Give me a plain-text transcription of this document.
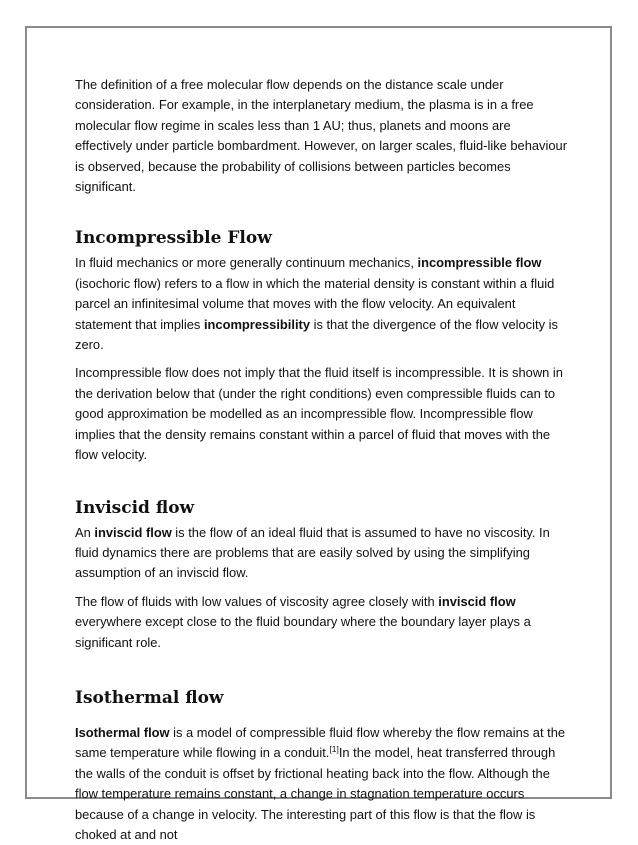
The definition of a free molecular flow depends on the distance scale under consideration. For example, in the interplanetary medium, the plasma is in a free molecular flow regime in scales less than 1 AU; thus, planets and moons are effectively under particle bombardment. However, on larger scales, fluid-like behaviour is observed, because the probability of collisions between particles becomes significant.

Incompressible Flow

In fluid mechanics or more generally continuum mechanics, incompressible flow (isochoric flow) refers to a flow in which the material density is constant within a fluid parcel an infinitesimal volume that moves with the flow velocity. An equivalent statement that implies incompressibility is that the divergence of the flow velocity is zero.

Incompressible flow does not imply that the fluid itself is incompressible. It is shown in the derivation below that (under the right conditions) even compressible fluids can to good approximation be modelled as an incompressible flow. Incompressible flow implies that the density remains constant within a parcel of fluid that moves with the flow velocity.

Inviscid flow

An inviscid flow is the flow of an ideal fluid that is assumed to have no viscosity. In fluid dynamics there are problems that are easily solved by using the simplifying assumption of an inviscid flow.

The flow of fluids with low values of viscosity agree closely with inviscid flow everywhere except close to the fluid boundary where the boundary layer plays a significant role.

Isothermal flow

Isothermal flow is a model of compressible fluid flow whereby the flow remains at the same temperature while flowing in a conduit.[1]In the model, heat transferred through the walls of the conduit is offset by frictional heating back into the flow. Although the flow temperature remains constant, a change in stagnation temperature occurs because of a change in velocity. The interesting part of this flow is that the flow is choked at and not
